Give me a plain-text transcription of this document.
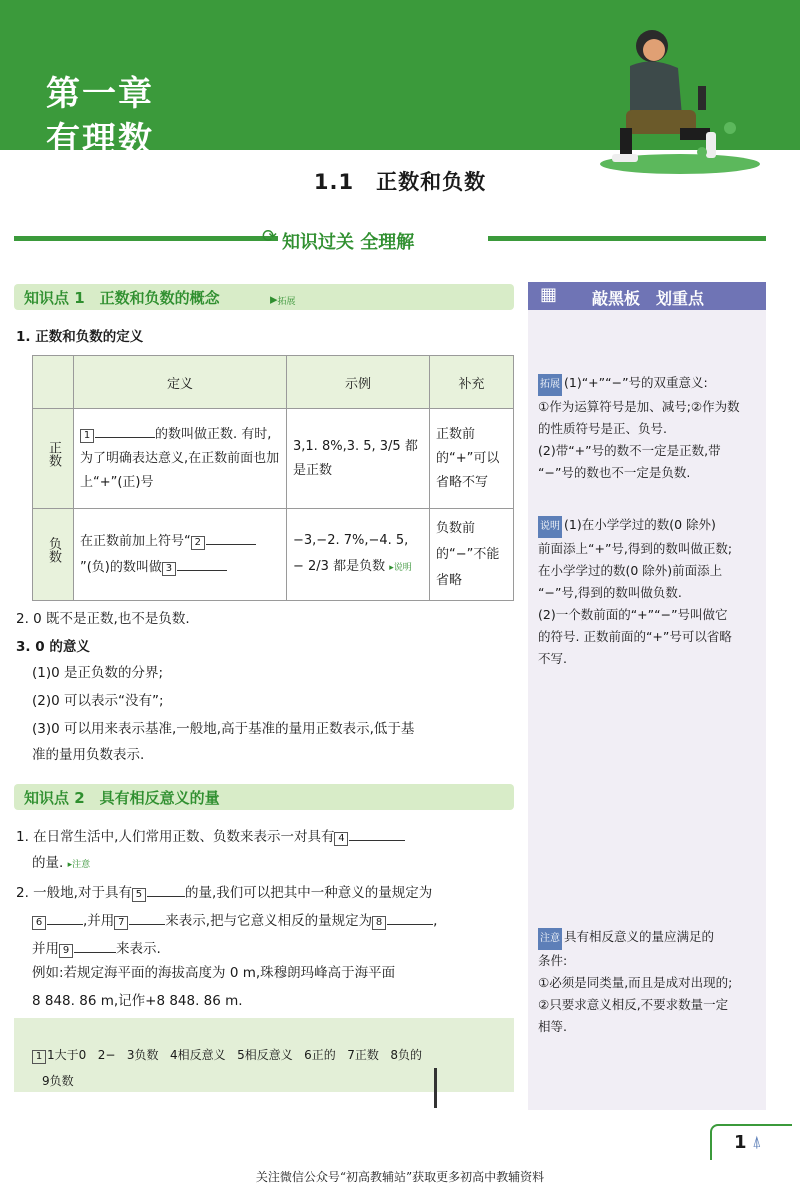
第一章
有理数
1.1　正数和负数
⟳ 知识过关 全理解
知识点 1　正数和负数的概念	▸拓展
1. 正数和负数的定义
	定义	示例	补充
正数	1 的数叫做正数. 有时,为了明确表达意义,在正数前面也加上“+”(正)号	3,1. 8%,3. 5, 3/5 都是正数	正数前的“+”可以省略不写
负数	在正数前加上符号“ 2”(负)的数叫做 3	−3,−2. 7%,−4. 5,
− 2/3 都是负数 ▸说明	负数前的“−”不能省略
2. 0 既不是正数,也不是负数.
3. 0 的意义
(1)0 是正负数的分界;
(2)0 可以表示“没有”;
(3)0 可以用来表示基准,一般地,高于基准的量用正数表示,低于基
准的量用负数表示.
知识点 2　具有相反意义的量
1. 在日常生活中,人们常用正数、负数来表示一对具有 4
的量. ▸注意
2. 一般地,对于具有 5	的量,我们可以把其中一种意义的量规定为
6	,并用 7	来表示,把与它意义相反的量规定为 8	,
并用 9	来表示.
例如:若规定海平面的海拔高度为 0 m,珠穆朗玛峰高于海平面
8 848. 86 m,记作+8 848. 86 m.
1 1大于0 2− 3负数 4相反意义 5相反意义 6正的 7正数 8负的
9负数
▦ 敲黑板　划重点
拓展 (1)“+”“−”号的双重意义:
①作为运算符号是加、减号;②作为数
的性质符号是正、负号.
(2)带“+”号的数不一定是正数,带
“−”号的数也不一定是负数.
说明 (1)在小学学过的数(0 除外)
前面添上“+”号,得到的数叫做正数;
在小学学过的数(0 除外)前面添上
“−”号,得到的数叫做负数.
(2)一个数前面的“+”“−”号叫做它
的符号. 正数前面的“+”号可以省略
不写.
注意 具有相反意义的量应满足的
条件:
①必须是同类量,而且是成对出现的;
②只要求意义相反,不要求数量一定
相等.
1 ⍋
关注微信公众号“初高教辅站”获取更多初高中教辅资料
